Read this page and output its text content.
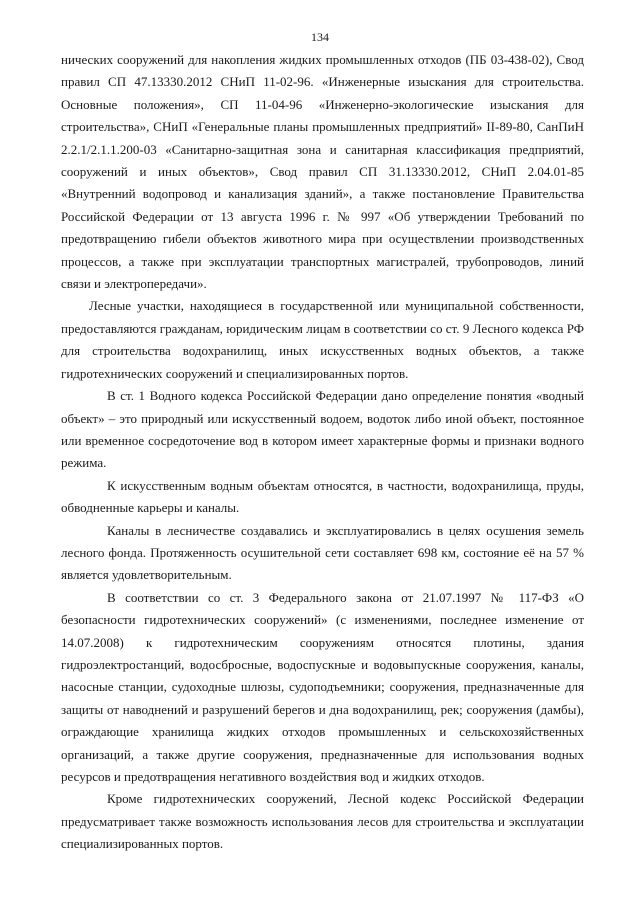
134

нических сооружений для накопления жидких промышленных отходов (ПБ 03-438-02), Свод правил СП 47.13330.2012 СНиП 11-02-96. «Инженерные изыскания для строительства. Основные положения», СП 11-04-96 «Инженерно-экологические изыскания для строительства», СНиП «Генеральные планы промышленных предприятий» II-89-80, СанПиН 2.2.1/2.1.1.200-03 «Санитарно-защитная зона и санитарная классификация предприятий, сооружений и иных объектов», Свод правил СП 31.13330.2012, СНиП 2.04.01-85 «Внутренний водопровод и канализация зданий», а также постановление Правительства Российской Федерации от 13 августа 1996 г. № 997 «Об утверждении Требований по предотвращению гибели объектов животного мира при осуществлении производственных процессов, а также при эксплуатации транспортных магистралей, трубопроводов, линий связи и электропередачи».

Лесные участки, находящиеся в государственной или муниципальной собственности, предоставляются гражданам, юридическим лицам в соответствии со ст. 9 Лесного кодекса РФ для строительства водохранилищ, иных искусственных водных объектов, а также гидротехнических сооружений и специализированных портов.

В ст. 1 Водного кодекса Российской Федерации дано определение понятия «водный объект» – это природный или искусственный водоем, водоток либо иной объект, постоянное или временное сосредоточение вод в котором имеет характерные формы и признаки водного режима.

К искусственным водным объектам относятся, в частности, водохранилища, пруды, обводненные карьеры и каналы.

Каналы в лесничестве создавались и эксплуатировались в целях осушения земель лесного фонда. Протяженность осушительной сети составляет 698 км, состояние её на 57 % является удовлетворительным.

В соответствии со ст. 3 Федерального закона от 21.07.1997 № 117-ФЗ «О безопасности гидротехнических сооружений» (с изменениями, последнее изменение от 14.07.2008) к гидротехническим сооружениям относятся плотины, здания гидроэлектростанций, водосбросные, водоспускные и водовыпускные сооружения, каналы, насосные станции, судоходные шлюзы, судоподъемники; сооружения, предназначенные для защиты от наводнений и разрушений берегов и дна водохранилищ, рек; сооружения (дамбы), ограждающие хранилища жидких отходов промышленных и сельскохозяйственных организаций, а также другие сооружения, предназначенные для использования водных ресурсов и предотвращения негативного воздействия вод и жидких отходов.

Кроме гидротехнических сооружений, Лесной кодекс Российской Федерации предусматривает также возможность использования лесов для строительства и эксплуатации специализированных портов.
